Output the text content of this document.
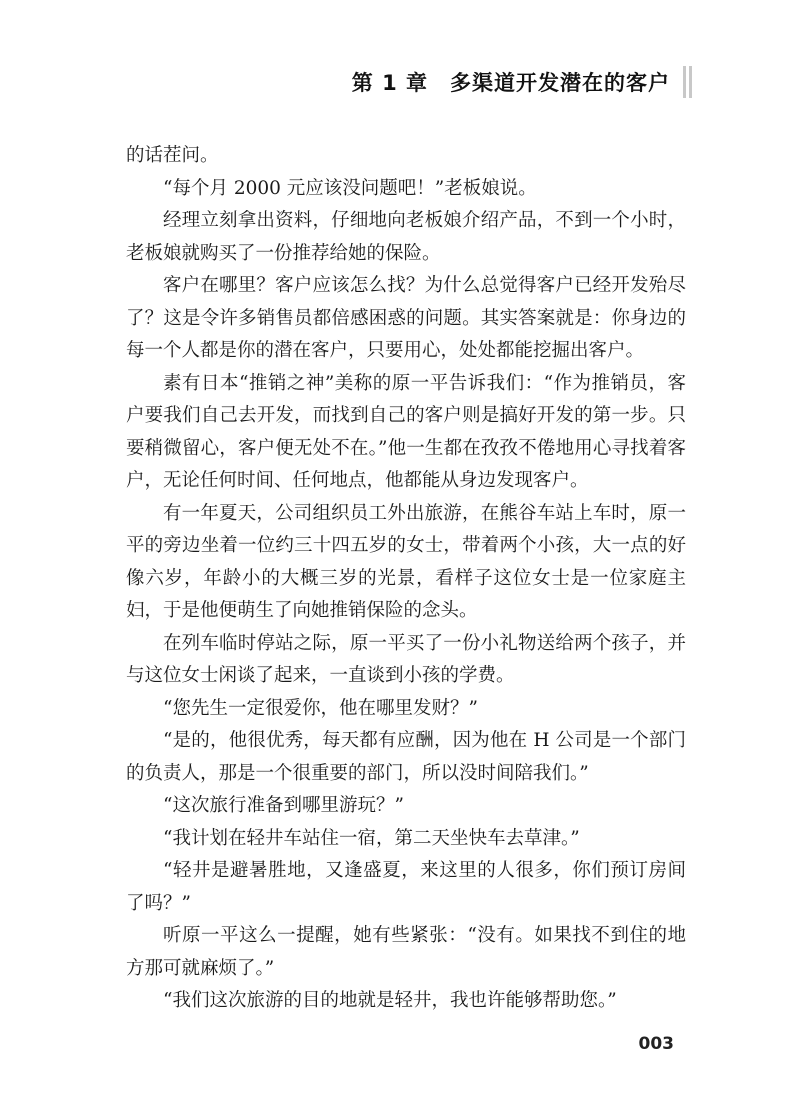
第 1 章　多渠道开发潜在的客户

的话茬问。

“每个月 2000 元应该没问题吧！”老板娘说。

经理立刻拿出资料，仔细地向老板娘介绍产品，不到一个小时，老板娘就购买了一份推荐给她的保险。

客户在哪里？客户应该怎么找？为什么总觉得客户已经开发殆尽了？这是令许多销售员都倍感困惑的问题。其实答案就是：你身边的每一个人都是你的潜在客户，只要用心，处处都能挖掘出客户。

素有日本“推销之神”美称的原一平告诉我们：“作为推销员，客户要我们自己去开发，而找到自己的客户则是搞好开发的第一步。只要稍微留心，客户便无处不在。”他一生都在孜孜不倦地用心寻找着客户，无论任何时间、任何地点，他都能从身边发现客户。

有一年夏天，公司组织员工外出旅游，在熊谷车站上车时，原一平的旁边坐着一位约三十四五岁的女士，带着两个小孩，大一点的好像六岁，年龄小的大概三岁的光景，看样子这位女士是一位家庭主妇，于是他便萌生了向她推销保险的念头。

在列车临时停站之际，原一平买了一份小礼物送给两个孩子，并与这位女士闲谈了起来，一直谈到小孩的学费。

“您先生一定很爱你，他在哪里发财？”

“是的，他很优秀，每天都有应酬，因为他在 H 公司是一个部门的负责人，那是一个很重要的部门，所以没时间陪我们。”

“这次旅行准备到哪里游玩？”

“我计划在轻井车站住一宿，第二天坐快车去草津。”

“轻井是避暑胜地，又逢盛夏，来这里的人很多，你们预订房间了吗？”

听原一平这么一提醒，她有些紧张：“没有。如果找不到住的地方那可就麻烦了。”

“我们这次旅游的目的地就是轻井，我也许能够帮助您。”

003
